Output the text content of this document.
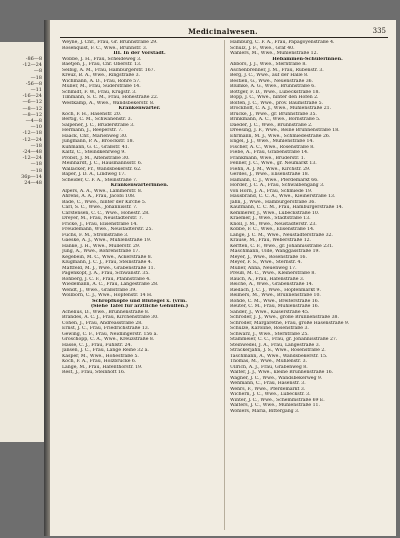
-86—8
-12—24
—8
—18
-56—8
—11
-16—24
—6—12
—8—12
—8—12
—4—8
—10
-12—18
-12—24
—18
-24—48
-12—24
—18
—18
36p—14
24—48
Medicinalwesen.	335
Weyne, J. Chr., Frau, Gr. Brunnstraße 29.
Rosenquist, F. C., Wwe., Brunnstr. 3.
III. In der Vorstadt.
Wobbe, J. H., Frau, Scheideweg 3.
Baetjen, J., Frau, Chr. Oberstr. 13.
Selbig, A. M., Frau, Hamburgerstr. 167.
Kreuz, B. A., Wwe., Ringstraße 3.
Wichmann, A. D., Frau, Röhre 57.
Müller, M., Frau, Süderstraße 14.
Schmidt, F. W., Frau, Krugstr. 3.
Timmann, S. C. M., Frau, Hohestraße 22.
Westkamp, A., Wwe., Wandsbekerstr. 8.
Krankenwärter.
Koch, F. H., Hasenstr. 20.
Bertig, C. M., Schwanenstr. 3.
Salpener, J. C., Brüderstraße 3.
Hermann, J., Reeperstr. 7.
Haack, Chr., Marienweg 30.
Jungmann, P. A., Broockstr. 18.
Kuhmann, G. C., Graßstr. 41.
Kaltz, C., Steindkehrweg 9.
Probst, J. M., Altenstraße 30.
Meinhardt, J. C., Hausmannsstr. 6.
Wallacker, Fr., Wandsbekerstr. 62.
Baper, J. D. A., Lindweg 17.
Scheider, C. F. A., Steinstraße 7.
Krankenwärterinnen.
Alpers, A. A., Wwe., Lämmerstr. 8.
Ahrens, A. A., Frau, Jacobi 108.
Bade, C., Wwe., hinter der Kirche 5.
Carl, S. C., Wwe., Johannisstr. 7.
Carstensen, C. C., Wwe., Hohestr. 28.
Dreyer, M., Frau, Neustädterstr. 7.
Fricke, J., Frau, Elisenstraße 14.
Freudemann, Wwe., Neustädterstr. 25.
Fuchs, F. M., Stromstraße 3.
Gaeske, A. J., Wwe., Mühlenstraße 19.
Hanke, J. H., Wwe., Müllerstr. 29.
Jung, A., Wwe., Röhrenstraße 17.
Kegebein, M. C., Wwe., Ackerstraße 8.
Klugmann, J. C. J., Frau, Steinstraße 4.
Mattfeld, M. J., Wwe., Grabenstraße 11.
Pagenkopf, J. A., Frau, Schwanstr. 35.
Rohberg, J. C. F., Frau, Pfannstraße 4.
Wiedemann, A. C., Frau, Langestraße 28.
Wendt, J., Wwe., Graßstraße 39.
Wollborn, C. J., Wwe., Hopfenstr. 14 H.
Schröpfköpfe und Blutegel x. (vrm.
(Siehe Tafel für ärztliche Gehülfen.)
Achelius, D., Wwe., Brunnenstraße 8.
Brandes, A. C. J., Frau, Kirchenstraße 30.
Cohen, J., Frau, Andreasstraße 28.
Ernst, J. C., Frau, Friedrichstraße 13.
Gewing, C. F., Frau, Neidlingerstr. 156 a.
Groschopp, C. A., Wwe., Kreuzstraße 8.
Hasse, C. J., Frau, Fuhlstr. 24.
Jansen, J. C., Frau, Lange Reihe 32 a.
Kasper, M., Wwe., Hohestraße 5.
Koch, F. A., Frau, Holzbrücke 6.
Lange, M., Frau, Hafenthorstr. 19.
Rest, J., Frau, Steinhöft 16.
Hamburg, C. F. A., Frau, Papagoyenstraße 4.
Schulz, J. F., Wwe., Graf 40.
Wahlers, M., Wwe., Mühlenstraße 12.
Hebammen-Schülerinnen.
Abbors, J. J., Wwe., Sterntraße 8.
Aschenbrenner, J. M., Frau, Rübenstr. 3.
Berg, J. C., Wwe., auf der Halle 8.
Bestien, G., Wwe., Neuenstraße 36.
Blumke, A. G., Wwe., Brunnstraße 6.
Böttger, F. D., Wwe., Lübeckstraße 18.
Bopp, J. C., Wwe., hinter den Höfen 2.
Bolten, J. C., Wwe., prov. Baumstraße 5.
Brockhoff, C. A. J., Wwe., Mühlenstraße 21.
Brücke, J., Wwe., gr. Brunnstraße 35.
Brinkmann, A. C., Wwe., Bornstraße 5.
Daeder, J. C., Wwe., Brunnstraße 2.
Dreesing, J. F., Wwe., Reine Brunnenstraße 18.
Ehrmann, M. J., Wwe., Schmiedestraße 26.
Engel, J. J., Wwe., Mühlenstraße 14.
Fischer, A. C., Wwe., Rosenstraße 8.
Fiebe, A., Frau, Grabenstraße 14.
Frankmann, Wwe., Brüderstr. 1.
Fenner, J. C., Wwe., gr. Neumarkt 13.
Fiehn, A. J. M., Wwe., Kirchstr. 29.
Gerdes, J., Wwe., Elisenstraße 18.
Hamann, C. J., Wwe., Pferdemarkt 66.
Hörder, J. C. A., Frau, Schwalbengang 3.
von Horn, J. A., Frau, Schmiede 19.
Hausbrand, C. C. A., Wwe., Kleinerstraße 13.
Jahn, J., Wwe., Hamburgerstraße 36.
Kaufmann, C. C. M., Frau, Hamburgerstraße 14.
Kemmerer, J., Wwe., Lübeckstraße 10.
Kraemer, J., Wwe., Stadtstraße 13.
Knoll, J. M., Wwe., Neustädterstr. 23.
Kobbe, F. C., Wwe., Elisenstraße 14.
Lange, J. C. M., Wwe., Neustädterstraße 32.
Krause, M., Frau, Weberstraße 12.
Kerften, C. F., Wwe., gr. Johannisstraße 231.
Maschmann, Ulde, Wanggasstraße 19.
Meyer, J., Wwe., Rosenstraße 16.
Meyer, F. S., Wwe., Sternstr. 4.
Müller, Anna, Neuenweg 17.
Preuß, M. C., Wwe., Kleinerstraße 8.
Rauch, A., Frau, Hafenstraße 3.
Reiche, A., Wwe., Grabenstraße 14.
Riedach, J. C. J., Wwe., Hopfenmarkt 9.
Reimers, M., Wwe., Brunnenstraße 10.
Rohde, C. M., Wwe., Breiterstraße 16.
Reuter, C. M., Frau, Mühlenstraße 16.
Sander, J., Wwe., Kaiserstraße 45.
Schröder, J. J., Wwe., große Brunnenstraße 38.
Schröder, Margarethe, Frau, große Hasenstraße 9.
Schulze, Karoline, Rosenstraße 3.
Schwarz, J., Wwe., Sterntraße 25.
Stammeier, C. C., Frau, gr. Johannisstraße 27.
Steinwedel, J. A., Frau, Langestraße 3.
Strackerjahn, J. S., Wwe., Rosenstraße 2.
Taschmann, A., Wwe., Wandsbekerstr. 15.
Thomas, M., Wwe., Mühlenstr. 3.
Ullrich, A. J., Frau, Grabenweg 8.
Walter, J. J., Wwe., kleine Brunnenstraße 16.
Wagner, J. C., Wwe., Wandsbekerweg 9.
Wehmann, C., Frau, Hasenstr. 3.
Wehrs, F., Wwe., Pferdemarkt 3.
Wichern, J. C., Wwe., Lübeckstr. 3.
Winter, J. C., Wwe., Schemmstraße 69 E.
Walters, J. C., Wwe., Mühlenstraße 11.
Wohlers, Maria, Bittergang 3.
